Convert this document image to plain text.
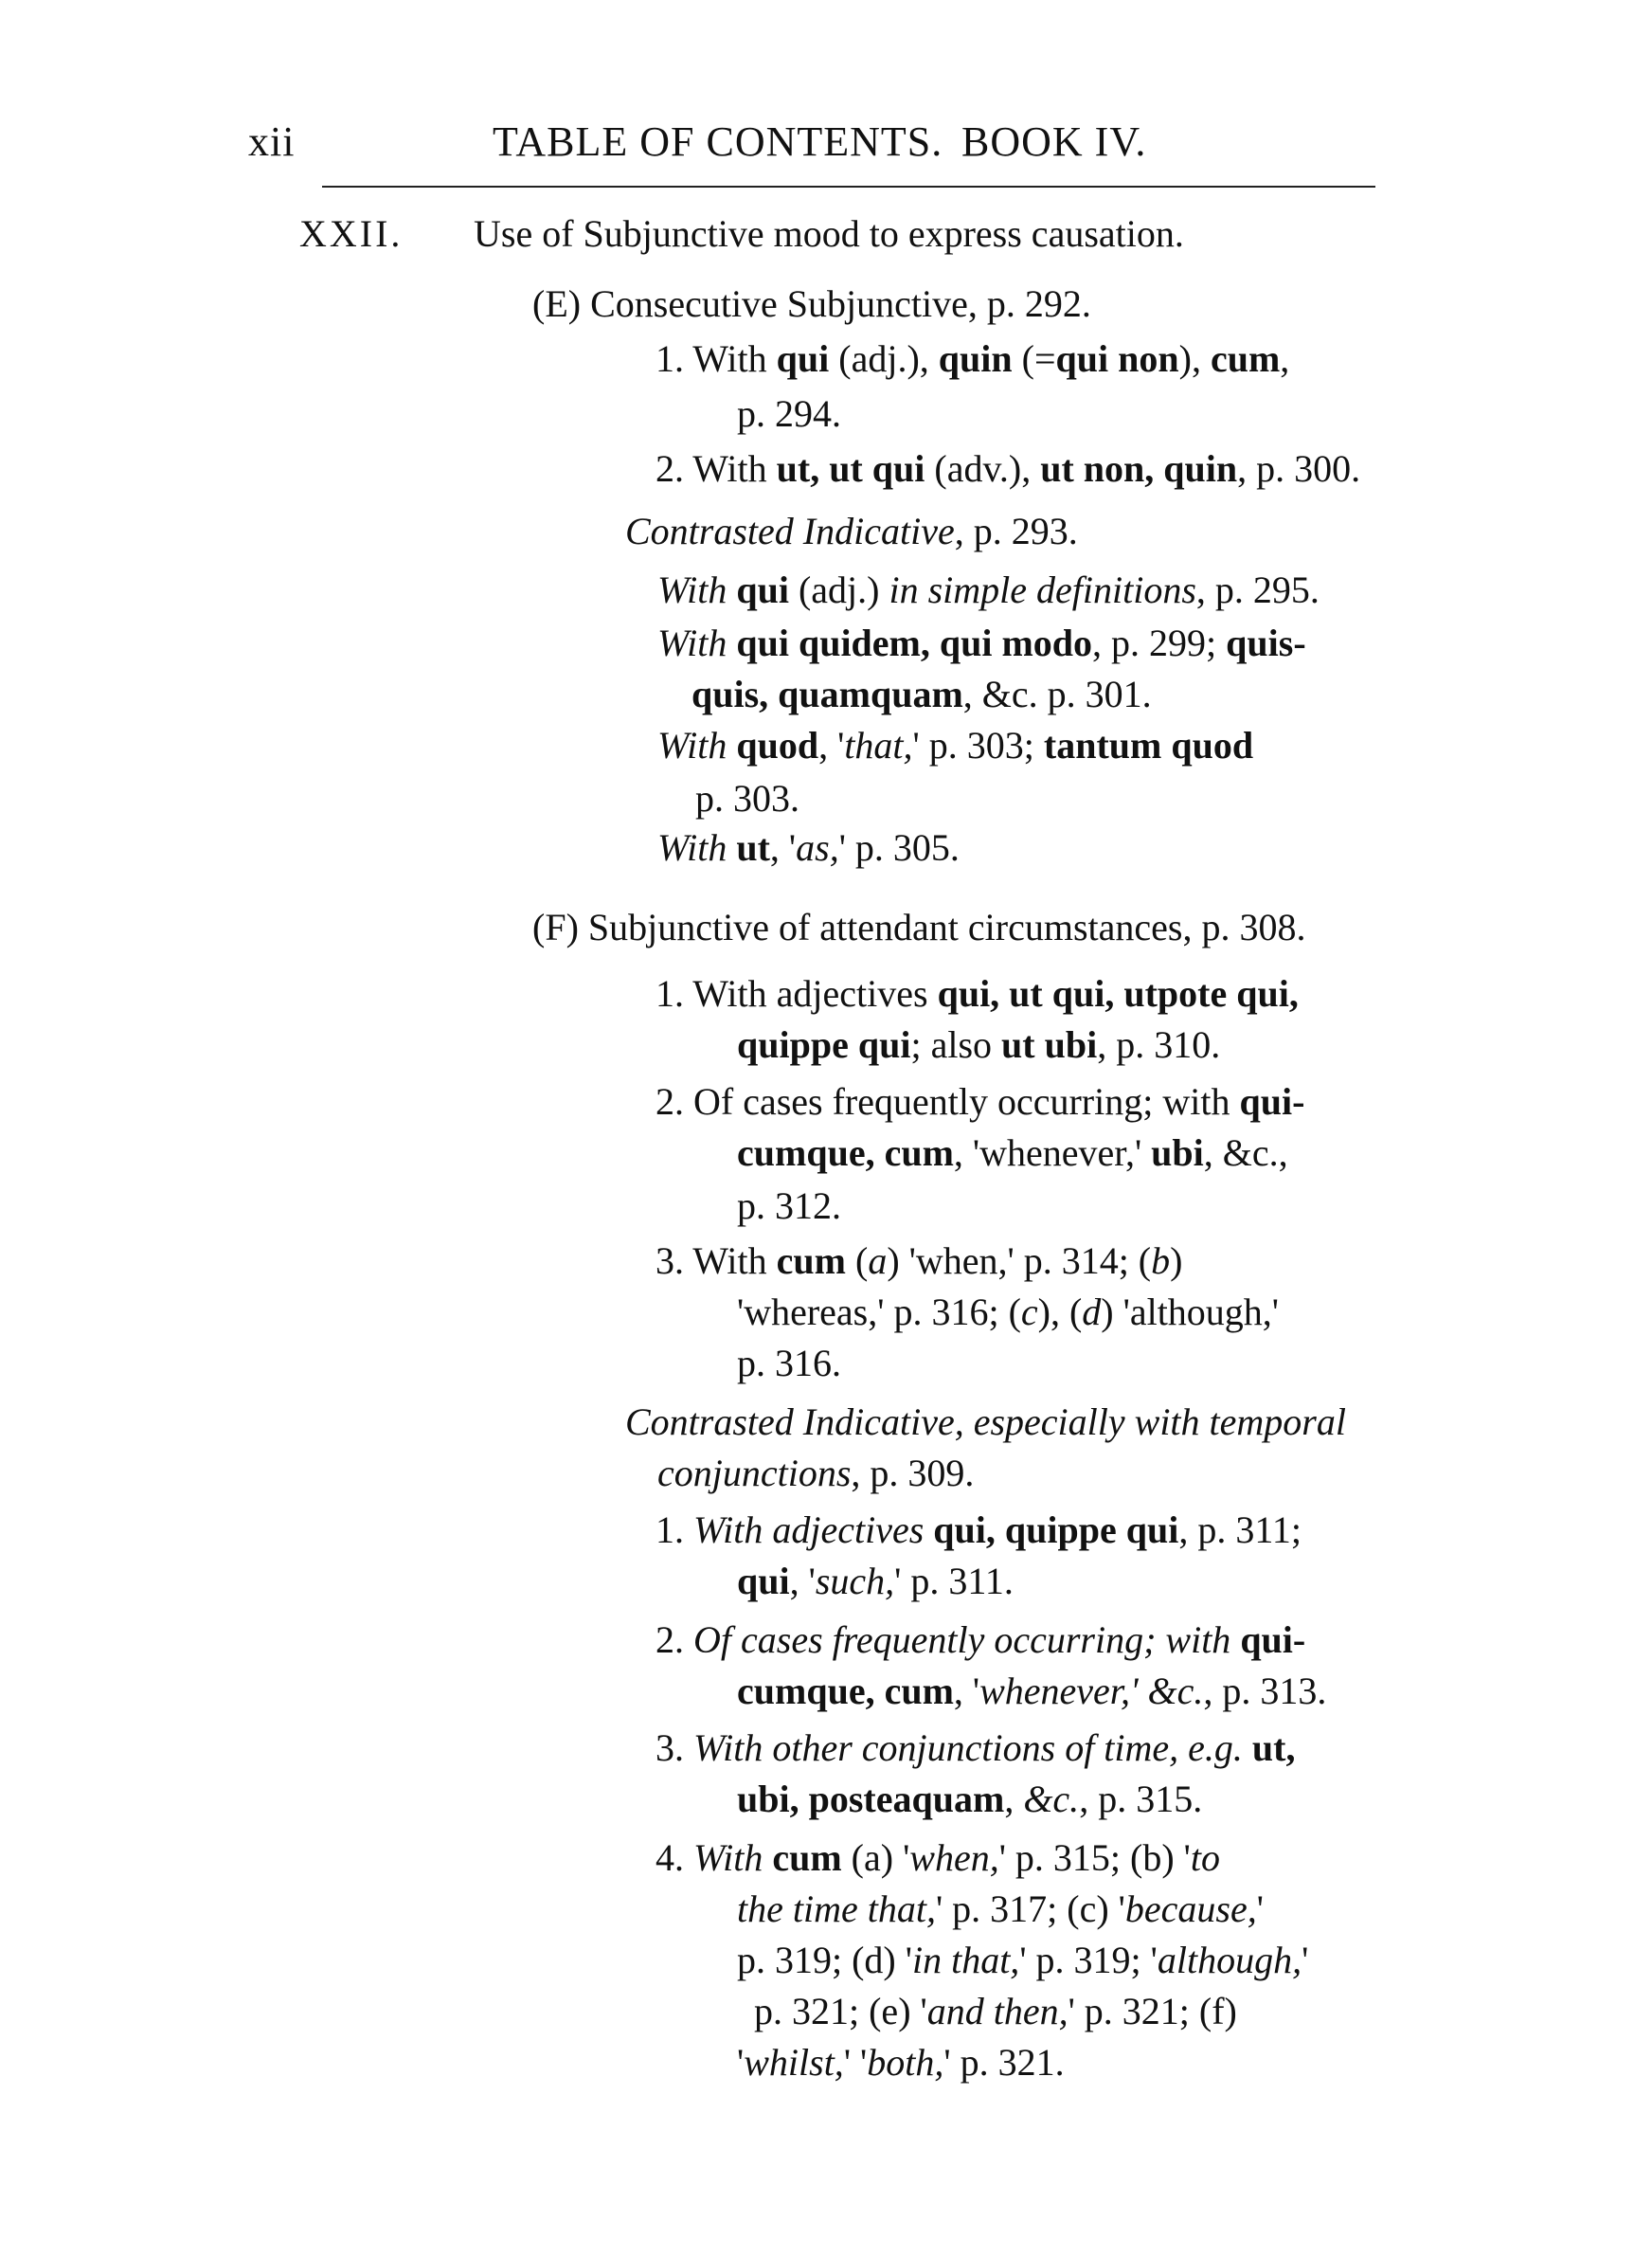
xii	TABLE OF CONTENTS. BOOK IV.
XXII. Use of Subjunctive mood to express causation.
(E) Consecutive Subjunctive, p. 292.
1. With qui (adj.), quin (=qui non), cum,
p. 294.
2. With ut, ut qui (adv.), ut non, quin, p. 300.
Contrasted Indicative, p. 293.
With qui (adj.) in simple definitions, p. 295.
With qui quidem, qui modo, p. 299; quis-
quis, quamquam, &c. p. 301.
With quod, 'that,' p. 303; tantum quod
p. 303.
With ut, 'as,' p. 305.
(F) Subjunctive of attendant circumstances, p. 308.
1. With adjectives qui, ut qui, utpote qui,
quippe qui; also ut ubi, p. 310.
2. Of cases frequently occurring; with qui-
cumque, cum, 'whenever,' ubi, &c.,
p. 312.
3. With cum (a) 'when,' p. 314; (b)
'whereas,' p. 316; (c), (d) 'although,'
p. 316.
Contrasted Indicative, especially with temporal
conjunctions, p. 309.
1. With adjectives qui, quippe qui, p. 311;
qui, 'such,' p. 311.
2. Of cases frequently occurring; with qui-
cumque, cum, 'whenever,' &c., p. 313.
3. With other conjunctions of time, e.g. ut,
ubi, posteaquam, &c., p. 315.
4. With cum (a) 'when,' p. 315; (b) 'to
the time that,' p. 317; (c) 'because,'
p. 319; (d) 'in that,' p. 319; 'although,'
p. 321; (e) 'and then,' p. 321; (f)
'whilst,' 'both,' p. 321.
